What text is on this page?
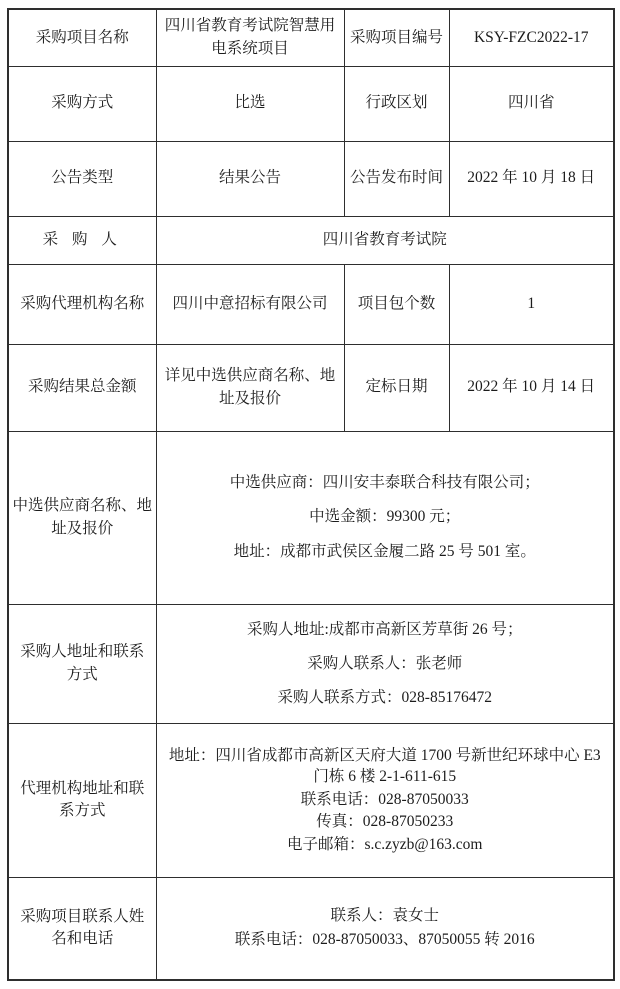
采购项目名称	四川省教育考试院智慧用电系统项目	采购项目编号	KSY-FZC2022-17
采购方式	比选	行政区划	四川省
公告类型	结果公告	公告发布时间	2022 年 10 月 18 日
采 购 人	四川省教育考试院		
采购代理机构名称	四川中意招标有限公司	项目包个数	1
采购结果总金额	详见中选供应商名称、地址及报价	定标日期	2022 年 10 月 14 日
中选供应商名称、地址及报价	中选供应商：四川安丰泰联合科技有限公司；
中选金额：99300 元；
地址：成都市武侯区金履二路 25 号 501 室。		

采购人地址和联系方式	采购人地址:成都市高新区芳草街 26 号；
采购人联系人：张老师
采购人联系方式：028-85176472		

代理机构地址和联系方式	地址：四川省成都市高新区天府大道 1700 号新世纪环球中心 E3 门栋 6 楼 2-1-611-615
联系电话：028-87050033
传真：028-87050233
电子邮箱：s.c.zyzb@163.com		

采购项目联系人姓名和电话	联系人：袁女士
联系电话：028-87050033、87050055 转 2016		
